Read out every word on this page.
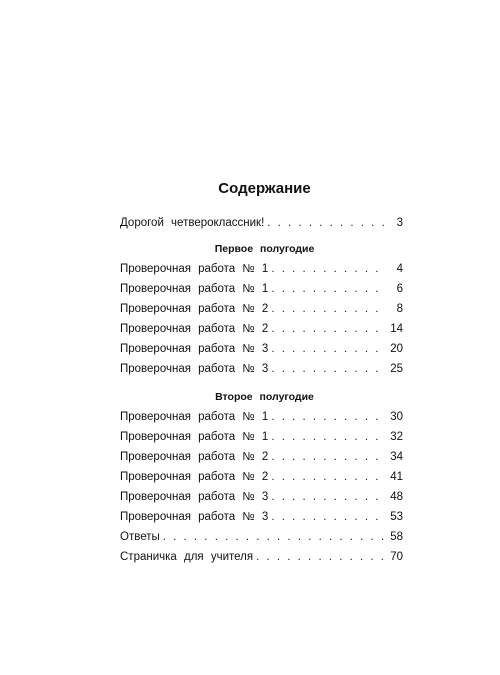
Содержание
Дорогой четвероклассник! . . .	3
Первое полугодие
Проверочная работа № 1 . . .	4
Проверочная работа № 1 . . .	6
Проверочная работа № 2 . . .	8
Проверочная работа № 2 . . .	14
Проверочная работа № 3 . . .	20
Проверочная работа № 3 . . .	25
Второе полугодие
Проверочная работа № 1 . . .	30
Проверочная работа № 1 . . .	32
Проверочная работа № 2 . . .	34
Проверочная работа № 2 . . .	41
Проверочная работа № 3 . . .	48
Проверочная работа № 3 . . .	53
Ответы . . .	58
Страничка для учителя . . .	70
